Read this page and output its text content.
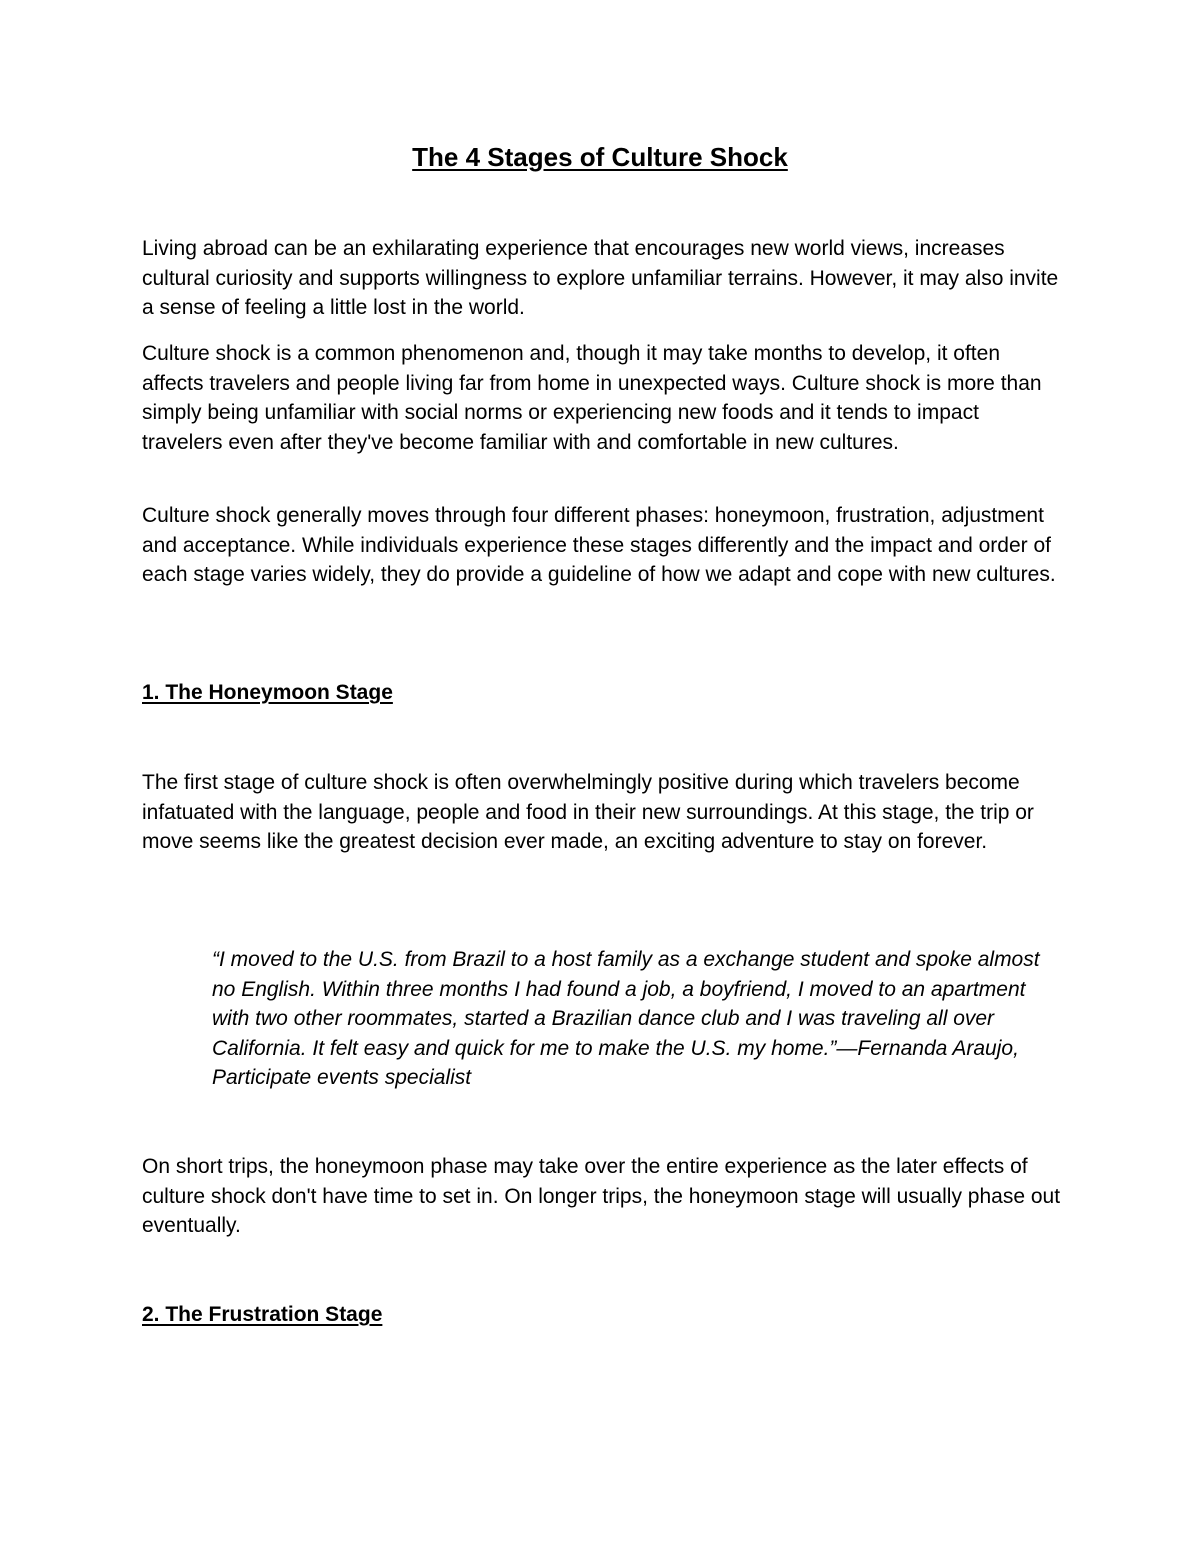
The 4 Stages of Culture Shock

Living abroad can be an exhilarating experience that encourages new world views, increases cultural curiosity and supports willingness to explore unfamiliar terrains. However, it may also invite a sense of feeling a little lost in the world.

Culture shock is a common phenomenon and, though it may take months to develop, it often affects travelers and people living far from home in unexpected ways. Culture shock is more than simply being unfamiliar with social norms or experiencing new foods and it tends to impact travelers even after they've become familiar with and comfortable in new cultures.

Culture shock generally moves through four different phases: honeymoon, frustration, adjustment and acceptance. While individuals experience these stages differently and the impact and order of each stage varies widely, they do provide a guideline of how we adapt and cope with new cultures.

1. The Honeymoon Stage

The first stage of culture shock is often overwhelmingly positive during which travelers become infatuated with the language, people and food in their new surroundings. At this stage, the trip or move seems like the greatest decision ever made, an exciting adventure to stay on forever.

“I moved to the U.S. from Brazil to a host family as a exchange student and spoke almost no English. Within three months I had found a job, a boyfriend, I moved to an apartment with two other roommates, started a Brazilian dance club and I was traveling all over California. It felt easy and quick for me to make the U.S. my home.”—Fernanda Araujo, Participate events specialist

On short trips, the honeymoon phase may take over the entire experience as the later effects of culture shock don't have time to set in. On longer trips, the honeymoon stage will usually phase out eventually.

2. The Frustration Stage
